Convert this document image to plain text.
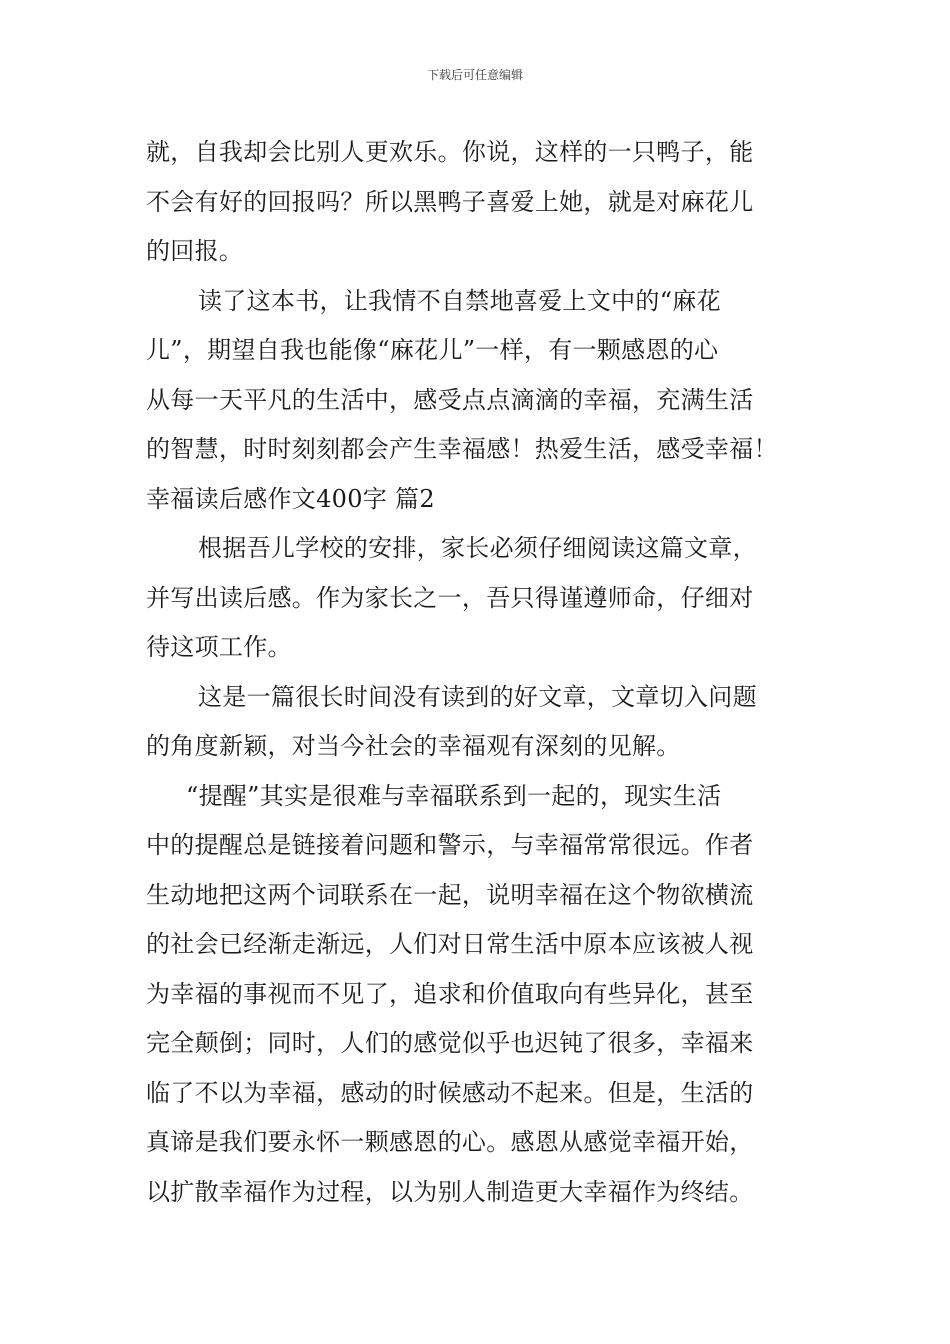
下载后可任意编辑
就，自我却会比别人更欢乐。你说，这样的一只鸭子，能
不会有好的回报吗？所以黑鸭子喜爱上她，就是对麻花儿
的回报。
读了这本书，让我情不自禁地喜爱上文中的“麻花
儿”，期望自我也能像“麻花儿”一样，有一颗感恩的心
从每一天平凡的生活中，感受点点滴滴的幸福，充满生活
的智慧，时时刻刻都会产生幸福感！热爱生活，感受幸福！
幸福读后感作文400字 篇2
根据吾儿学校的安排，家长必须仔细阅读这篇文章，
并写出读后感。作为家长之一，吾只得谨遵师命，仔细对
待这项工作。
这是一篇很长时间没有读到的好文章，文章切入问题
的角度新颖，对当今社会的幸福观有深刻的见解。
“提醒”其实是很难与幸福联系到一起的，现实生活
中的提醒总是链接着问题和警示，与幸福常常很远。作者
生动地把这两个词联系在一起，说明幸福在这个物欲横流
的社会已经渐走渐远，人们对日常生活中原本应该被人视
为幸福的事视而不见了，追求和价值取向有些异化，甚至
完全颠倒；同时，人们的感觉似乎也迟钝了很多，幸福来
临了不以为幸福，感动的时候感动不起来。但是，生活的
真谛是我们要永怀一颗感恩的心。感恩从感觉幸福开始，
以扩散幸福作为过程，以为别人制造更大幸福作为终结。
